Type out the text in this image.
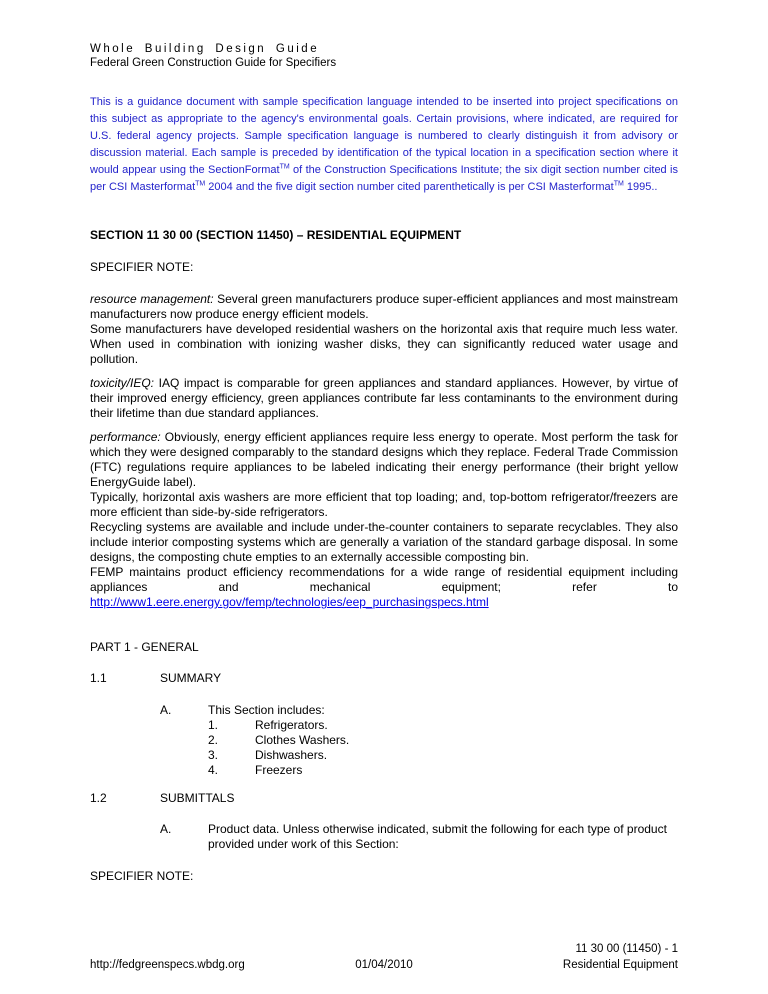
Whole Building Design Guide
Federal Green Construction Guide for Specifiers

This is a guidance document with sample specification language intended to be inserted into project specifications on this subject as appropriate to the agency's environmental goals. Certain provisions, where indicated, are required for U.S. federal agency projects. Sample specification language is numbered to clearly distinguish it from advisory or discussion material. Each sample is preceded by identification of the typical location in a specification section where it would appear using the SectionFormat™ of the Construction Specifications Institute; the six digit section number cited is per CSI Masterformat™ 2004 and the five digit section number cited parenthetically is per CSI Masterformat™ 1995..

SECTION 11 30 00 (SECTION 11450) – RESIDENTIAL EQUIPMENT
SPECIFIER NOTE:

resource management: Several green manufacturers produce super-efficient appliances and most mainstream manufacturers now produce energy efficient models.
Some manufacturers have developed residential washers on the horizontal axis that require much less water. When used in combination with ionizing washer disks, they can significantly reduced water usage and pollution.

toxicity/IEQ: IAQ impact is comparable for green appliances and standard appliances. However, by virtue of their improved energy efficiency, green appliances contribute far less contaminants to the environment during their lifetime than due standard appliances.

performance: Obviously, energy efficient appliances require less energy to operate. Most perform the task for which they were designed comparably to the standard designs which they replace. Federal Trade Commission (FTC) regulations require appliances to be labeled indicating their energy performance (their bright yellow EnergyGuide label).
Typically, horizontal axis washers are more efficient that top loading; and, top-bottom refrigerator/freezers are more efficient than side-by-side refrigerators.
Recycling systems are available and include under-the-counter containers to separate recyclables. They also include interior composting systems which are generally a variation of the standard garbage disposal. In some designs, the composting chute empties to an externally accessible composting bin.
FEMP maintains product efficiency recommendations for a wide range of residential equipment including appliances and mechanical equipment; refer to http://www1.eere.energy.gov/femp/technologies/eep_purchasingspecs.html

PART 1 - GENERAL
1.1	SUMMARY
A.	This Section includes:
1.	Refrigerators.
2.	Clothes Washers.
3.	Dishwashers.
4.	Freezers
1.2	SUBMITTALS
A.	Product data. Unless otherwise indicated, submit the following for each type of product provided under work of this Section:
SPECIFIER NOTE:
11 30 00 (11450) - 1
http://fedgreenspecs.wbdg.org	01/04/2010	Residential Equipment
